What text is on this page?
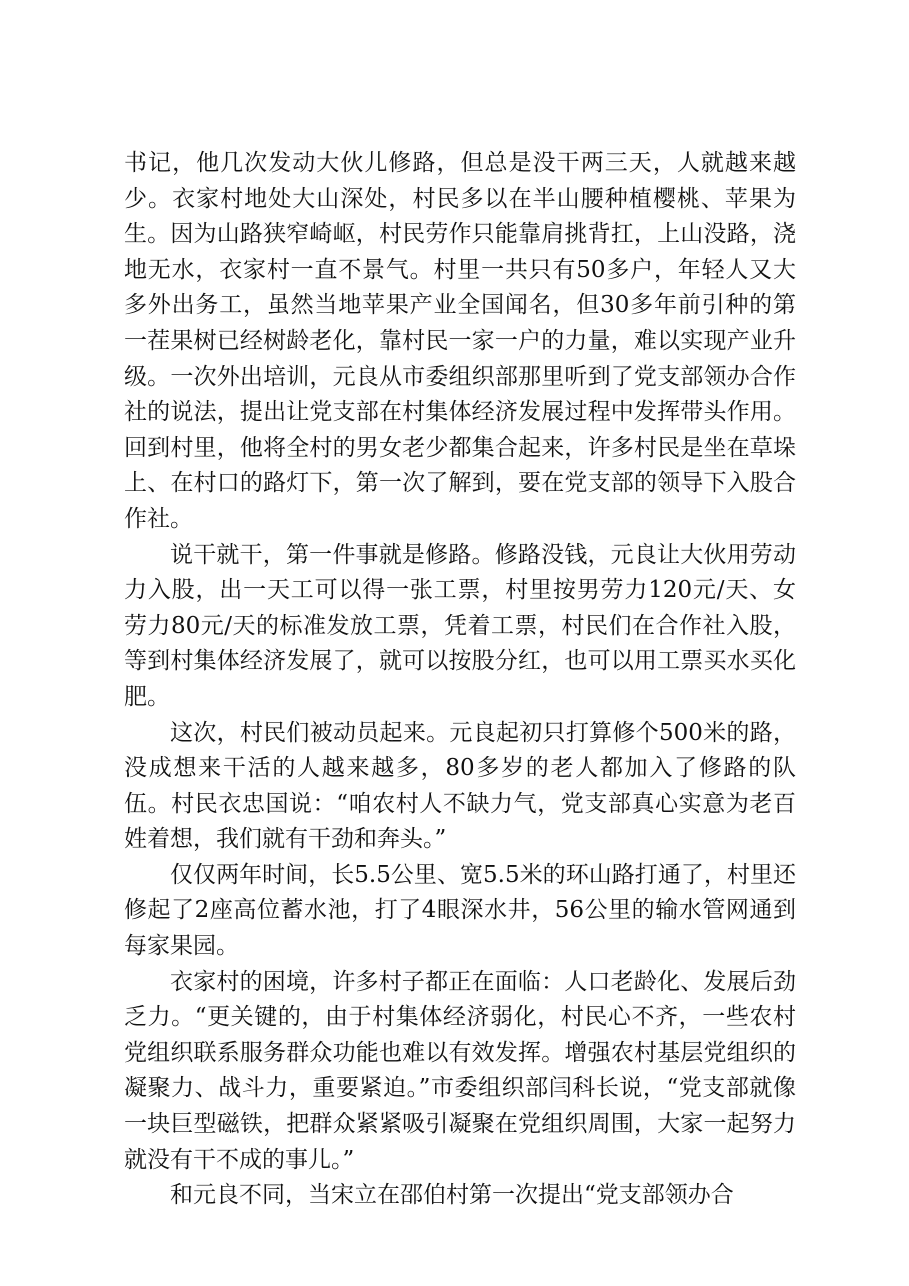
书记，他几次发动大伙儿修路，但总是没干两三天，人就越来越少。衣家村地处大山深处，村民多以在半山腰种植樱桃、苹果为生。因为山路狭窄崎岖，村民劳作只能靠肩挑背扛，上山没路，浇地无水，衣家村一直不景气。村里一共只有50多户，年轻人又大多外出务工，虽然当地苹果产业全国闻名，但30多年前引种的第一茬果树已经树龄老化，靠村民一家一户的力量，难以实现产业升级。一次外出培训，元良从市委组织部那里听到了党支部领办合作社的说法，提出让党支部在村集体经济发展过程中发挥带头作用。回到村里，他将全村的男女老少都集合起来，许多村民是坐在草垛上、在村口的路灯下，第一次了解到，要在党支部的领导下入股合作社。

说干就干，第一件事就是修路。修路没钱，元良让大伙用劳动力入股，出一天工可以得一张工票，村里按男劳力120元/天、女劳力80元/天的标准发放工票，凭着工票，村民们在合作社入股，等到村集体经济发展了，就可以按股分红，也可以用工票买水买化肥。

这次，村民们被动员起来。元良起初只打算修个500米的路，没成想来干活的人越来越多，80多岁的老人都加入了修路的队伍。村民衣忠国说：“咱农村人不缺力气，党支部真心实意为老百姓着想，我们就有干劲和奔头。”

仅仅两年时间，长5.5公里、宽5.5米的环山路打通了，村里还修起了2座高位蓄水池，打了4眼深水井，56公里的输水管网通到每家果园。

衣家村的困境，许多村子都正在面临：人口老龄化、发展后劲乏力。“更关键的，由于村集体经济弱化，村民心不齐，一些农村党组织联系服务群众功能也难以有效发挥。增强农村基层党组织的凝聚力、战斗力，重要紧迫。”市委组织部闫科长说，“党支部就像一块巨型磁铁，把群众紧紧吸引凝聚在党组织周围，大家一起努力就没有干不成的事儿。”

和元良不同，当宋立在邵伯村第一次提出“党支部领办合
